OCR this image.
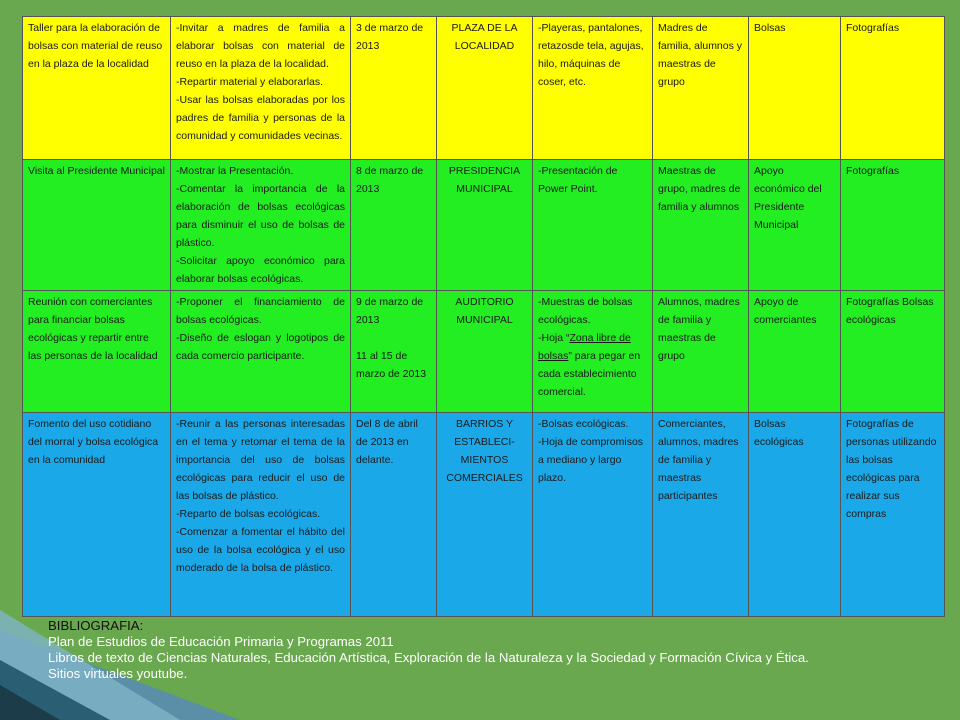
Taller para la elaboración de bolsas con material de reuso en la plaza de la localidad	-Invitar a madres de familia a elaborar bolsas con material de reuso en la plaza de la localidad.
-Repartir material y elaborarlas.
-Usar las bolsas elaboradas por los padres de familia y personas de la comunidad y comunidades vecinas.	3 de marzo de 2013	PLAZA DE LA LOCALIDAD	-Playeras, pantalones, retazosde tela, agujas, hilo, máquinas de coser, etc.	Madres de familia, alumnos y maestras de grupo	Bolsas	Fotografías
Visita al Presidente Municipal	-Mostrar la Presentación.
-Comentar la importancia de la elaboración de bolsas ecológicas para disminuir el uso de bolsas de plástico.
-Solicitar apoyo económico para elaborar bolsas ecológicas.	8 de marzo de 2013	PRESIDENCIA MUNICIPAL	-Presentación de Power Point.	Maestras de grupo, madres de familia y alumnos	Apoyo económico del Presidente Municipal	Fotografías
Reunión con comerciantes para financiar bolsas ecológicas y repartir entre las personas de la localidad	-Proponer el financiamiento de bolsas ecológicas.
-Diseño de eslogan y logotipos de cada comercio participante.	9 de marzo de 2013
11 al 15 de marzo de 2013	AUDITORIO MUNICIPAL	-Muestras de bolsas ecológicas.
-Hoja “Zona libre de bolsas” para pegar en cada establecimiento comercial.	Alumnos, madres de familia y maestras de grupo	Apoyo de comerciantes	Fotografías Bolsas ecológicas
Fomento del uso cotidiano del morral y bolsa ecológica en la comunidad	-Reunir a las personas interesadas en el tema y retomar el tema de la importancia del uso de bolsas ecológicas para reducir el uso de las bolsas de plástico.
-Reparto de bolsas ecológicas.
-Comenzar a fomentar el hábito del uso de la bolsa ecológica y el uso moderado de la bolsa de plástico.	Del 8 de abril de 2013 en delante.	BARRIOS Y ESTABLECI-MIENTOS COMERCIALES	-Bolsas ecológicas.
-Hoja de compromisos a mediano y largo plazo.	Comerciantes, alumnos, madres de familia y maestras participantes	Bolsas ecológicas	Fotografías de personas utilizando las bolsas ecológicas para realizar sus compras
BIBLIOGRAFIA:
Plan de Estudios de Educación Primaria y Programas 2011
Libros de texto de Ciencias Naturales, Educación Artística, Exploración de la Naturaleza y la Sociedad y Formación Cívica y Ética.
Sitios virtuales youtube.
